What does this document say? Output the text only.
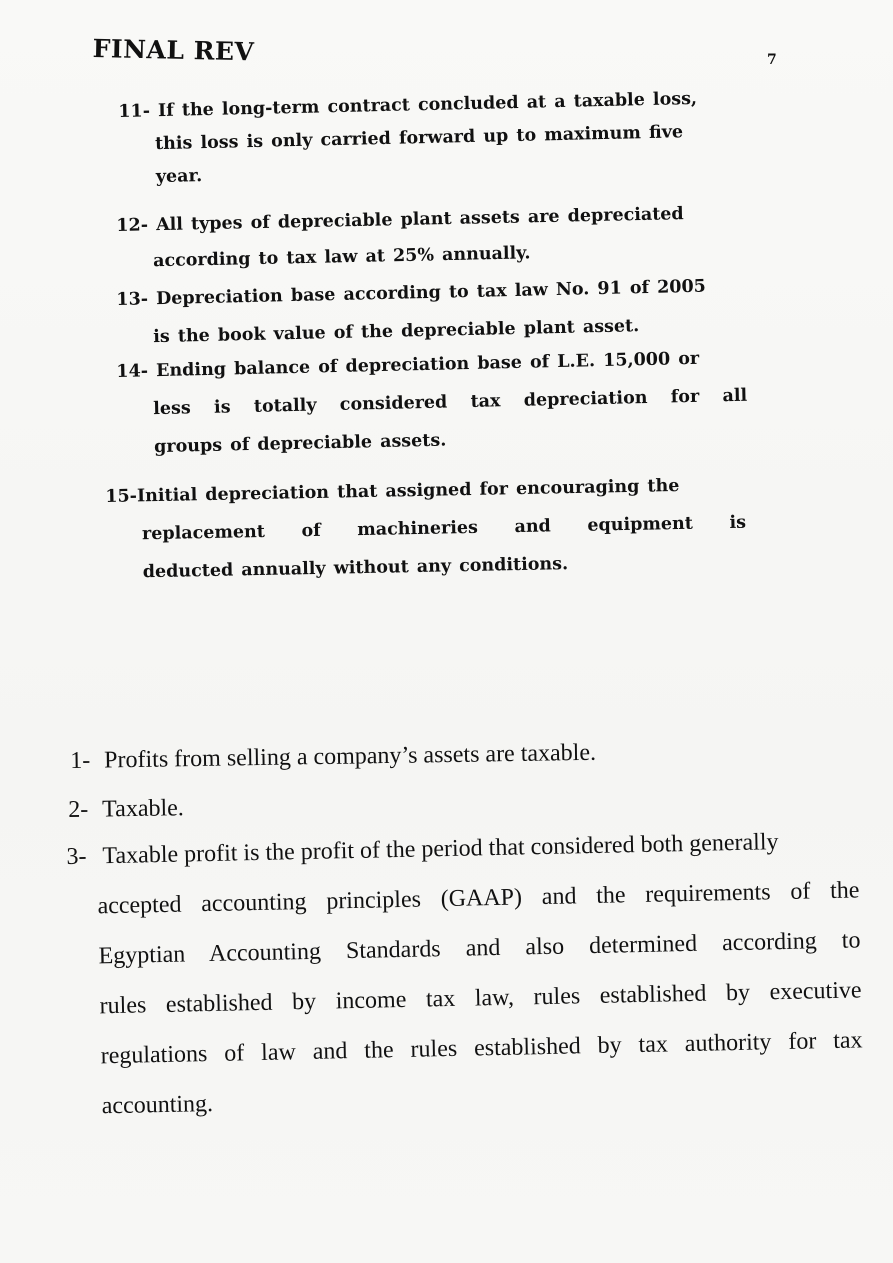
FINAL REV	7
11- If the long-term contract concluded at a taxable loss,
this loss is only carried forward up to maximum five
year.
12- All types of depreciable plant assets are depreciated
according to tax law at 25% annually.
13- Depreciation base according to tax law No. 91 of 2005
is the book value of the depreciable plant asset.
14- Ending balance of depreciation base of L.E. 15,000 or
less is totally considered tax depreciation for all
groups of depreciable assets.
15-Initial depreciation that assigned for encouraging the
replacement of machineries and equipment is
deducted annually without any conditions.
1- Profits from selling a company’s assets are taxable.
2- Taxable.
3- Taxable profit is the profit of the period that considered both generally
accepted accounting principles (GAAP) and the requirements of the
Egyptian Accounting Standards and also determined according to
rules established by income tax law, rules established by executive
regulations of law and the rules established by tax authority for tax
accounting.
